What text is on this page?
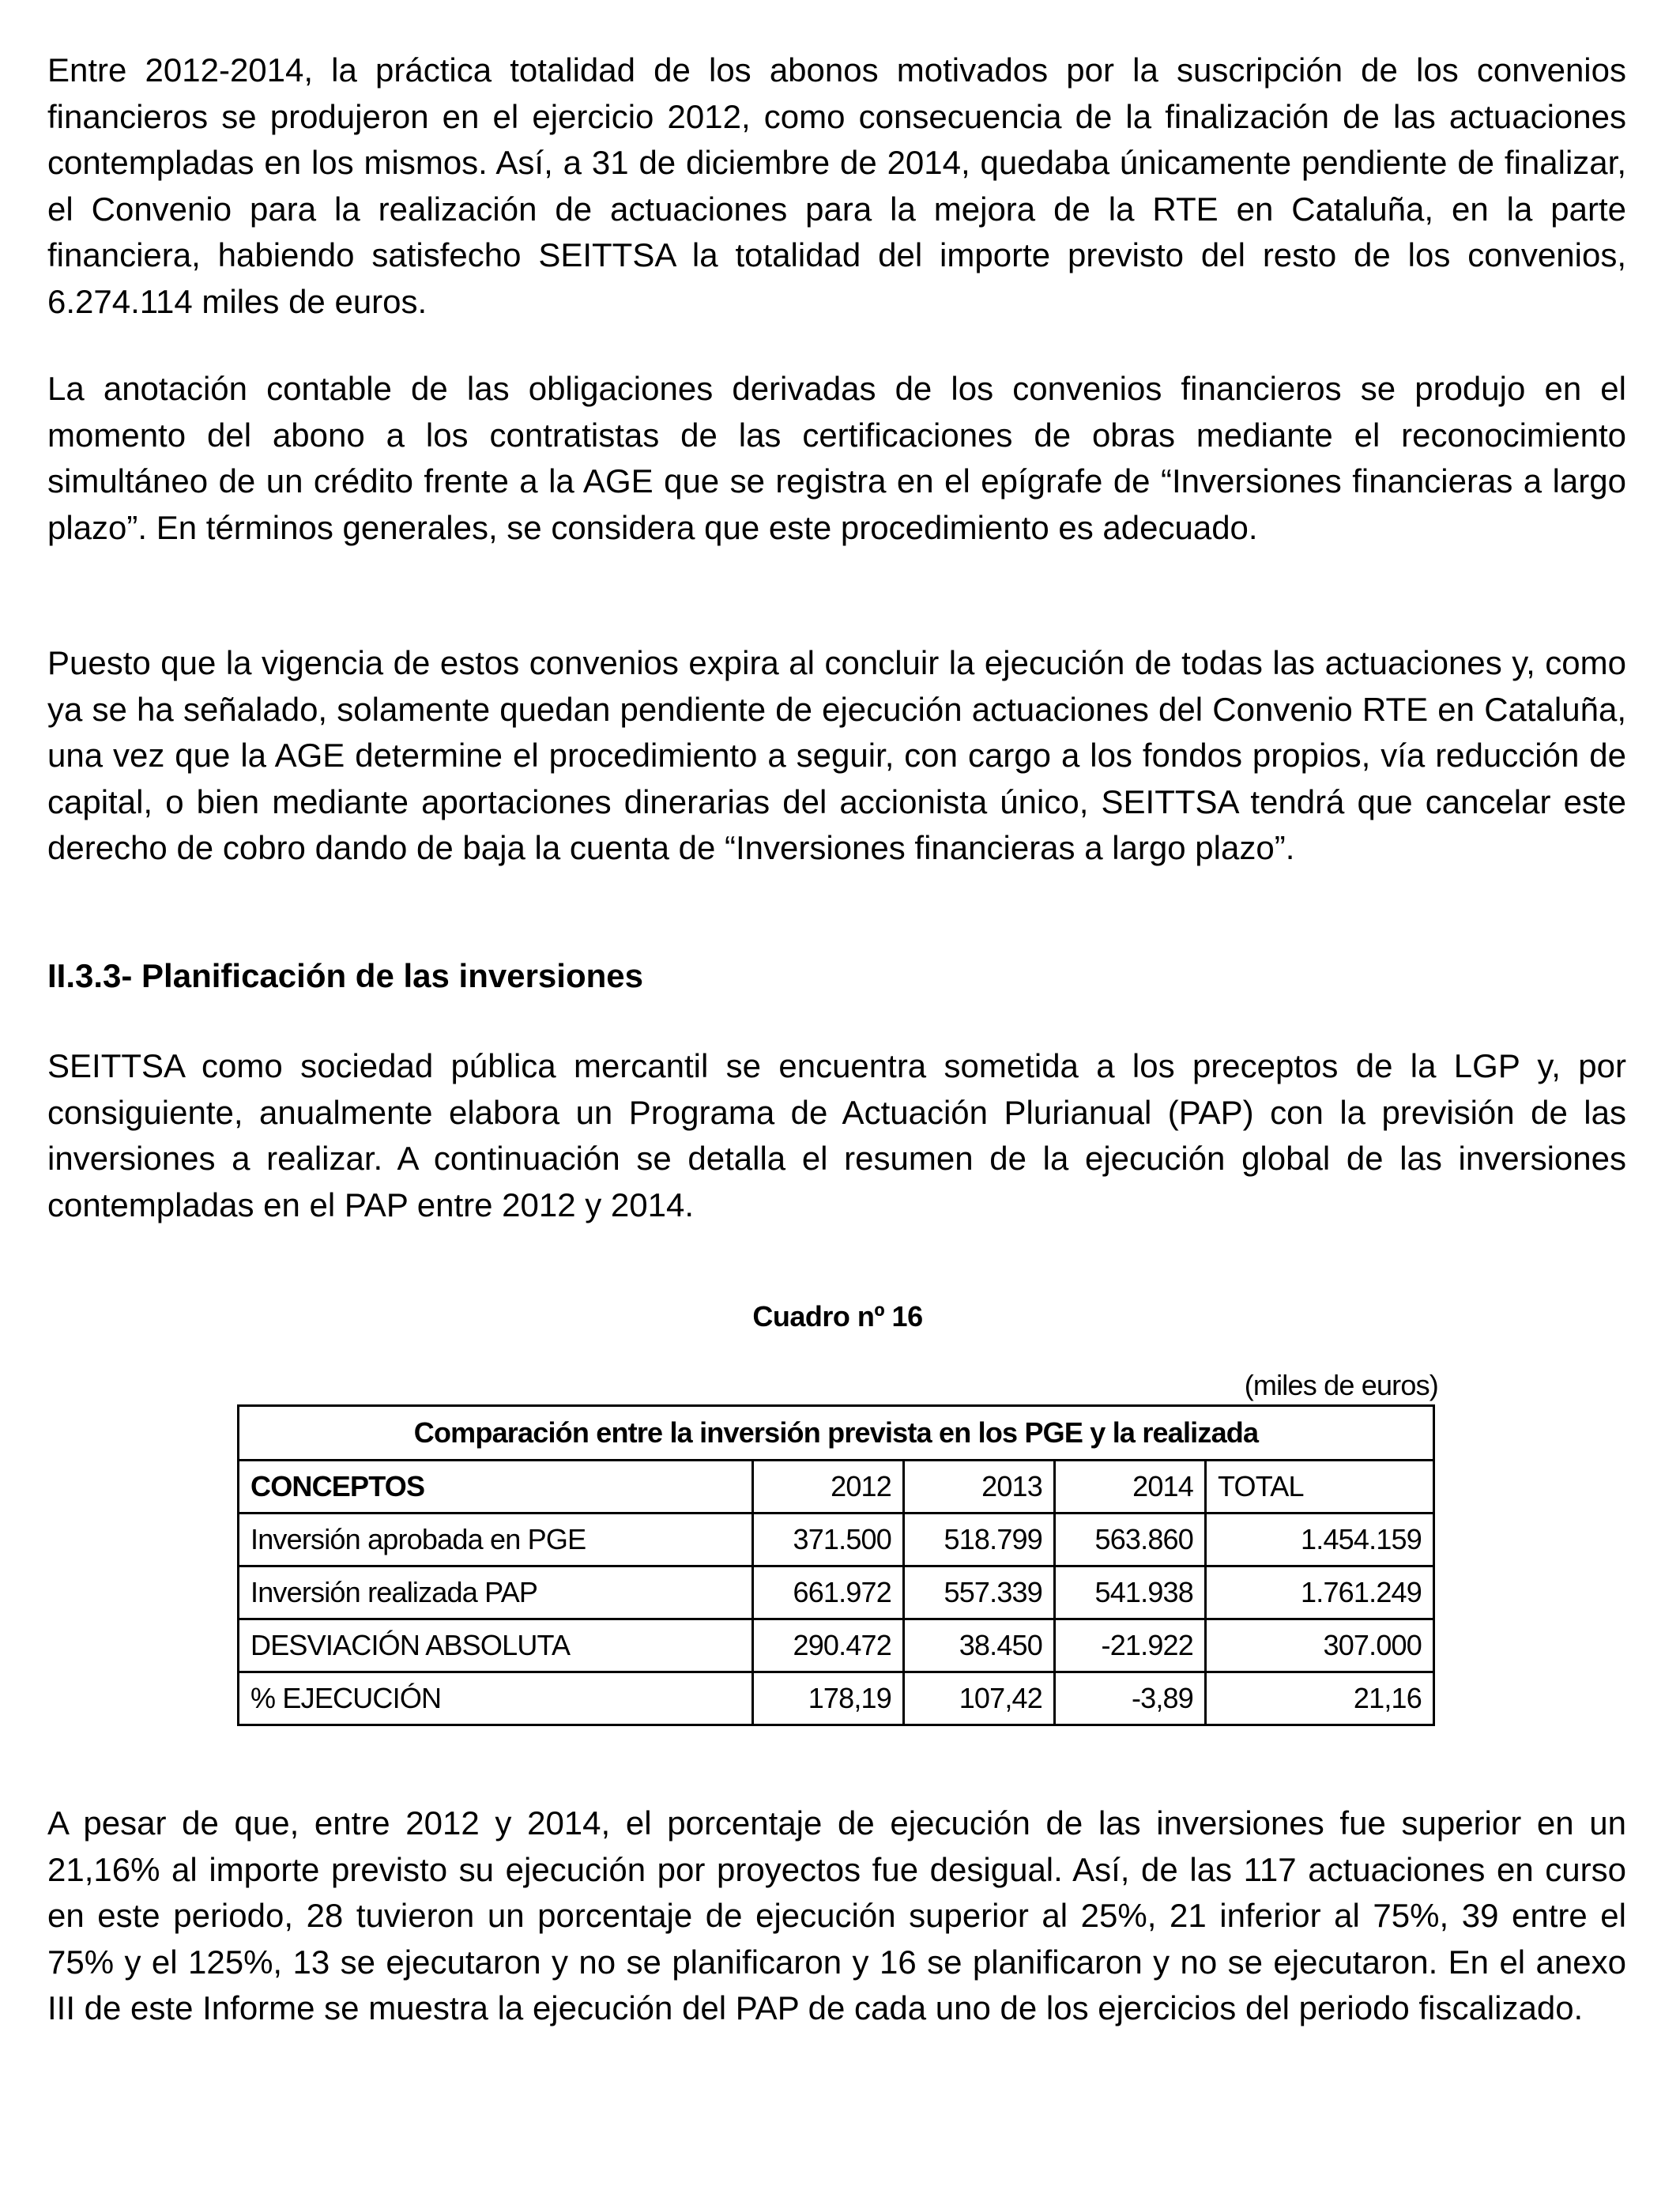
Entre 2012-2014, la práctica totalidad de los abonos motivados por la suscripción de los convenios financieros se produjeron en el ejercicio 2012, como consecuencia de la finalización de las actuaciones contempladas en los mismos. Así, a 31 de diciembre de 2014, quedaba únicamente pendiente de finalizar, el Convenio para la realización de actuaciones para la mejora de la RTE en Cataluña, en la parte financiera, habiendo satisfecho SEITTSA la totalidad del importe previsto del resto de los convenios, 6.274.114 miles de euros.

La anotación contable de las obligaciones derivadas de los convenios financieros se produjo en el momento del abono a los contratistas de las certificaciones de obras mediante el reconocimiento simultáneo de un crédito frente a la AGE que se registra en el epígrafe de “Inversiones financieras a largo plazo”. En términos generales, se considera que este procedimiento es adecuado.

Puesto que la vigencia de estos convenios expira al concluir la ejecución de todas las actuaciones y, como ya se ha señalado, solamente quedan pendiente de ejecución actuaciones del Convenio RTE en Cataluña, una vez que la AGE determine el procedimiento a seguir, con cargo a los fondos propios, vía reducción de capital, o bien mediante aportaciones dinerarias del accionista único, SEITTSA tendrá que cancelar este derecho de cobro dando de baja la cuenta de “Inversiones financieras a largo plazo”.

II.3.3- Planificación de las inversiones

SEITTSA como sociedad pública mercantil se encuentra sometida a los preceptos de la LGP y, por consiguiente, anualmente elabora un Programa de Actuación Plurianual (PAP) con la previsión de las inversiones a realizar. A continuación se detalla el resumen de la ejecución global de las inversiones contempladas en el PAP entre 2012 y 2014.

Cuadro nº 16

(miles de euros)

Comparación entre la inversión prevista en los PGE y la realizada				
CONCEPTOS	2012	2013	2014	TOTAL
Inversión aprobada en PGE	371.500	518.799	563.860	1.454.159
Inversión realizada PAP	661.972	557.339	541.938	1.761.249
DESVIACIÓN ABSOLUTA	290.472	38.450	-21.922	307.000
% EJECUCIÓN	178,19	107,42	-3,89	21,16

A pesar de que, entre 2012 y 2014, el porcentaje de ejecución de las inversiones fue superior en un 21,16% al importe previsto su ejecución por proyectos fue desigual. Así, de las 117 actuaciones en curso en este periodo, 28 tuvieron un porcentaje de ejecución superior al 25%, 21 inferior al 75%, 39 entre el 75% y el 125%, 13 se ejecutaron y no se planificaron y 16 se planificaron y no se ejecutaron. En el anexo III de este Informe se muestra la ejecución del PAP de cada uno de los ejercicios del periodo fiscalizado.
